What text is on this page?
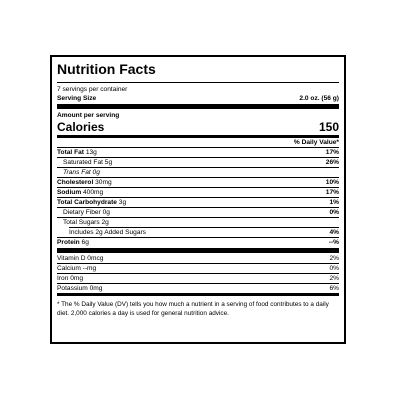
Nutrition Facts
7 servings per container
Serving Size	2.0 oz. (56 g)
Amount per serving
Calories	150
% Daily Value*
Total Fat 13g	17%
Saturated Fat 5g	26%
Trans Fat 0g
Cholesterol 30mg	10%
Sodium 400mg	17%
Total Carbohydrate 3g	1%
Dietary Fiber 0g	0%
Total Sugars 2g
Includes 2g Added Sugars	4%
Protein 6g	--%
Vitamin D 0mcg	2%
Calcium --mg	0%
Iron 0mg	2%
Potassium 0mg	6%
* The % Daily Value (DV) tells you how much a nutrient in a serving of food contributes to a daily diet. 2,000 calories a day is used for general nutrition advice.
